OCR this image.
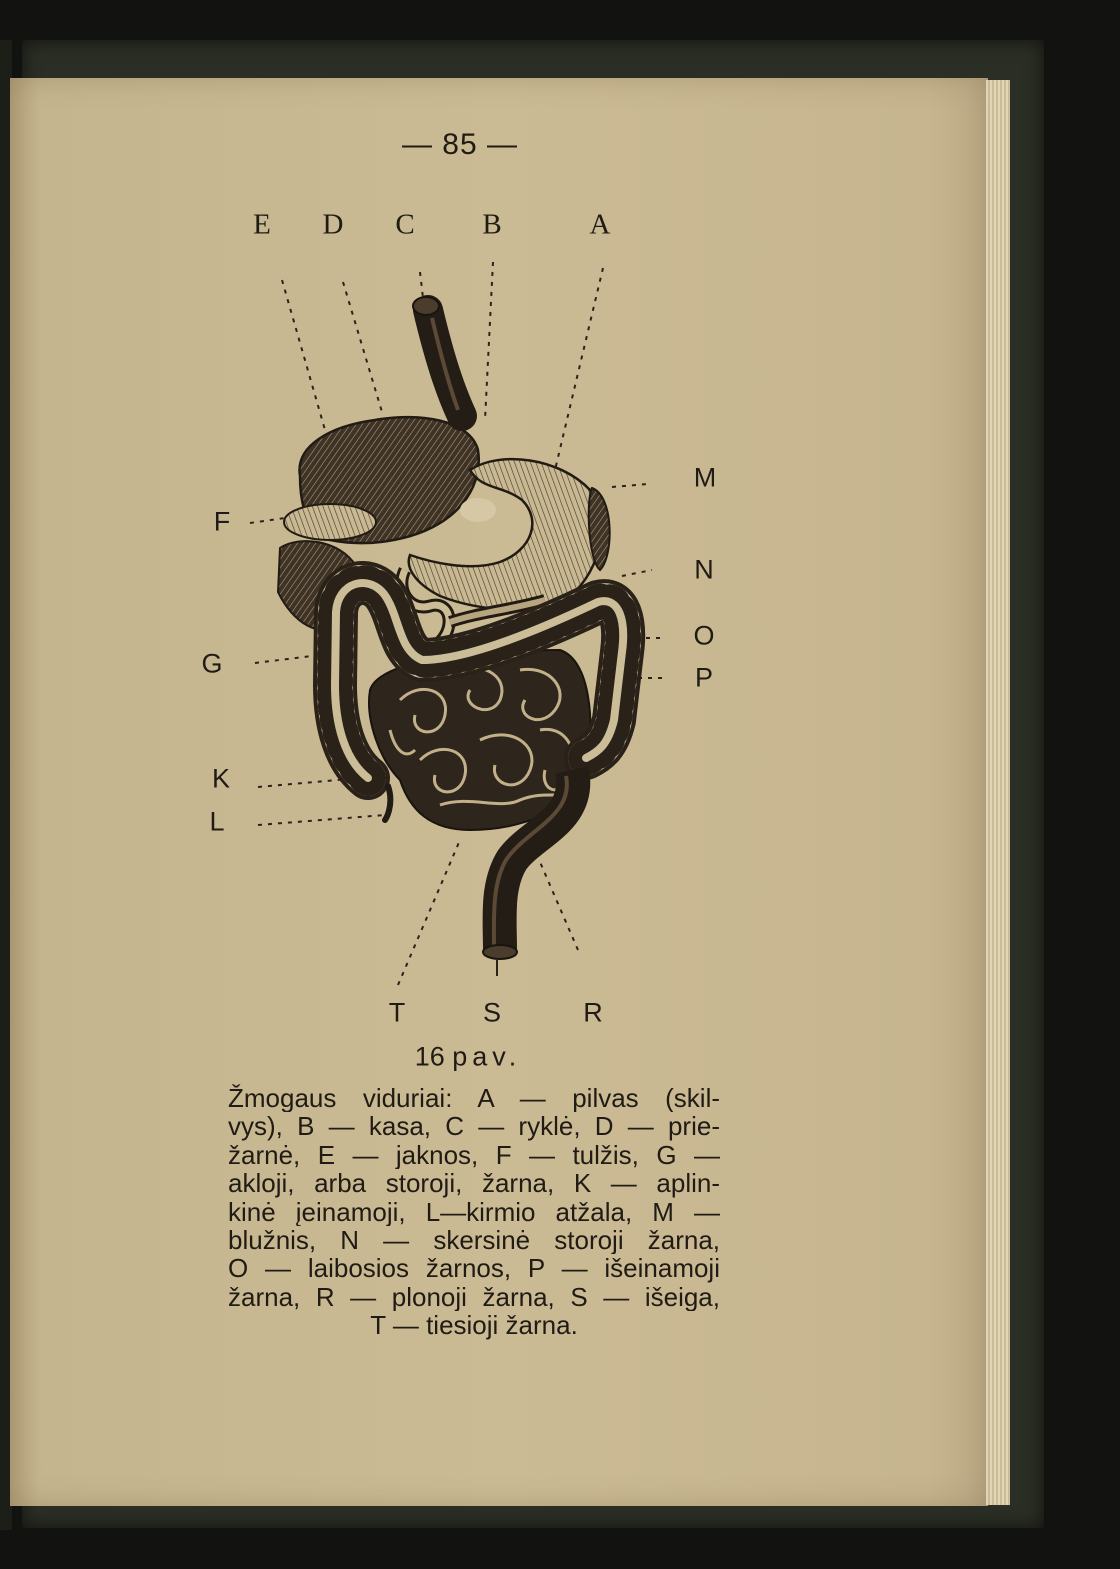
— 85 —
E D C B	A
M
N
O
P
F
G
K
L
T	S	R
16 pav.
Žmogaus viduriai: A — pilvas (skil-
vys), B — kasa, C — ryklė, D — prie-
žarnė, E — jaknos, F — tulžis, G —
akloji, arba storoji, žarna, K — aplin-
kinė įeinamoji, L—kirmio atžala, M —
blužnis, N — skersinė storoji žarna,
O — laibosios žarnos, P — išeinamoji
žarna, R — plonoji žarna, S — išeiga,
T — tiesioji žarna.
